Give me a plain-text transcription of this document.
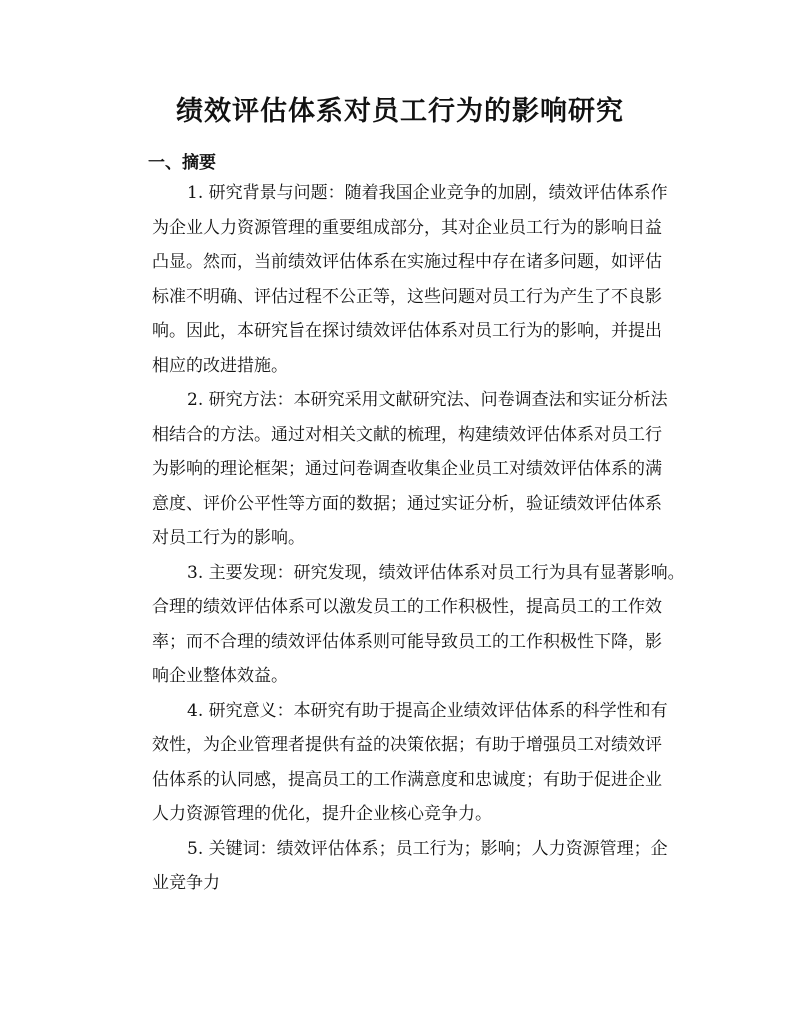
绩效评估体系对员工行为的影响研究
一、摘要
1. 研究背景与问题：随着我国企业竞争的加剧，绩效评估体系作
为企业人力资源管理的重要组成部分，其对企业员工行为的影响日益
凸显。然而，当前绩效评估体系在实施过程中存在诸多问题，如评估
标准不明确、评估过程不公正等，这些问题对员工行为产生了不良影
响。因此，本研究旨在探讨绩效评估体系对员工行为的影响，并提出
相应的改进措施。
2. 研究方法：本研究采用文献研究法、问卷调查法和实证分析法
相结合的方法。通过对相关文献的梳理，构建绩效评估体系对员工行
为影响的理论框架；通过问卷调查收集企业员工对绩效评估体系的满
意度、评价公平性等方面的数据；通过实证分析，验证绩效评估体系
对员工行为的影响。
3. 主要发现：研究发现，绩效评估体系对员工行为具有显著影响。
合理的绩效评估体系可以激发员工的工作积极性，提高员工的工作效
率；而不合理的绩效评估体系则可能导致员工的工作积极性下降，影
响企业整体效益。
4. 研究意义：本研究有助于提高企业绩效评估体系的科学性和有
效性，为企业管理者提供有益的决策依据；有助于增强员工对绩效评
估体系的认同感，提高员工的工作满意度和忠诚度；有助于促进企业
人力资源管理的优化，提升企业核心竞争力。
5. 关键词：绩效评估体系；员工行为；影响；人力资源管理；企
业竞争力
